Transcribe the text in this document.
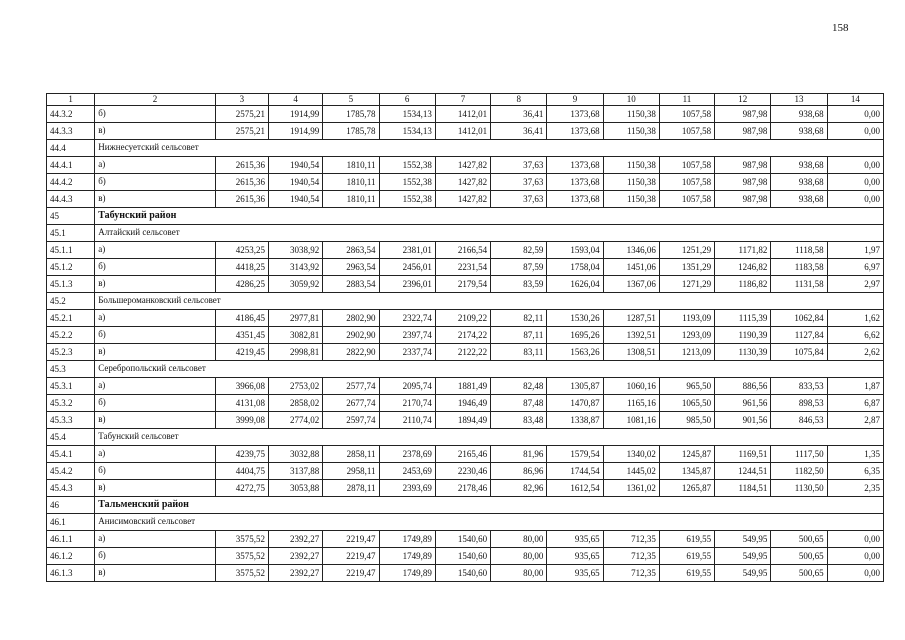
158
1	2	3	4	5	6	7	8	9	10	11	12	13	14
44.3.2	б)	2575,21	1914,99	1785,78	1534,13	1412,01	36,41	1373,68	1150,38	1057,58	987,98	938,68	0,00
44.3.3	в)	2575,21	1914,99	1785,78	1534,13	1412,01	36,41	1373,68	1150,38	1057,58	987,98	938,68	0,00
44.4	Нижнесуетский сельсовет												
44.4.1	а)	2615,36	1940,54	1810,11	1552,38	1427,82	37,63	1373,68	1150,38	1057,58	987,98	938,68	0,00
44.4.2	б)	2615,36	1940,54	1810,11	1552,38	1427,82	37,63	1373,68	1150,38	1057,58	987,98	938,68	0,00
44.4.3	в)	2615,36	1940,54	1810,11	1552,38	1427,82	37,63	1373,68	1150,38	1057,58	987,98	938,68	0,00
45	Табунский район												
45.1	Алтайский сельсовет												
45.1.1	а)	4253,25	3038,92	2863,54	2381,01	2166,54	82,59	1593,04	1346,06	1251,29	1171,82	1118,58	1,97
45.1.2	б)	4418,25	3143,92	2963,54	2456,01	2231,54	87,59	1758,04	1451,06	1351,29	1246,82	1183,58	6,97
45.1.3	в)	4286,25	3059,92	2883,54	2396,01	2179,54	83,59	1626,04	1367,06	1271,29	1186,82	1131,58	2,97
45.2	Большероманковский сельсовет												
45.2.1	а)	4186,45	2977,81	2802,90	2322,74	2109,22	82,11	1530,26	1287,51	1193,09	1115,39	1062,84	1,62
45.2.2	б)	4351,45	3082,81	2902,90	2397,74	2174,22	87,11	1695,26	1392,51	1293,09	1190,39	1127,84	6,62
45.2.3	в)	4219,45	2998,81	2822,90	2337,74	2122,22	83,11	1563,26	1308,51	1213,09	1130,39	1075,84	2,62
45.3	Серебропольский сельсовет												
45.3.1	а)	3966,08	2753,02	2577,74	2095,74	1881,49	82,48	1305,87	1060,16	965,50	886,56	833,53	1,87
45.3.2	б)	4131,08	2858,02	2677,74	2170,74	1946,49	87,48	1470,87	1165,16	1065,50	961,56	898,53	6,87
45.3.3	в)	3999,08	2774,02	2597,74	2110,74	1894,49	83,48	1338,87	1081,16	985,50	901,56	846,53	2,87
45.4	Табунский сельсовет												
45.4.1	а)	4239,75	3032,88	2858,11	2378,69	2165,46	81,96	1579,54	1340,02	1245,87	1169,51	1117,50	1,35
45.4.2	б)	4404,75	3137,88	2958,11	2453,69	2230,46	86,96	1744,54	1445,02	1345,87	1244,51	1182,50	6,35
45.4.3	в)	4272,75	3053,88	2878,11	2393,69	2178,46	82,96	1612,54	1361,02	1265,87	1184,51	1130,50	2,35
46	Тальменский район												
46.1	Анисимовский сельсовет												
46.1.1	а)	3575,52	2392,27	2219,47	1749,89	1540,60	80,00	935,65	712,35	619,55	549,95	500,65	0,00
46.1.2	б)	3575,52	2392,27	2219,47	1749,89	1540,60	80,00	935,65	712,35	619,55	549,95	500,65	0,00
46.1.3	в)	3575,52	2392,27	2219,47	1749,89	1540,60	80,00	935,65	712,35	619,55	549,95	500,65	0,00
